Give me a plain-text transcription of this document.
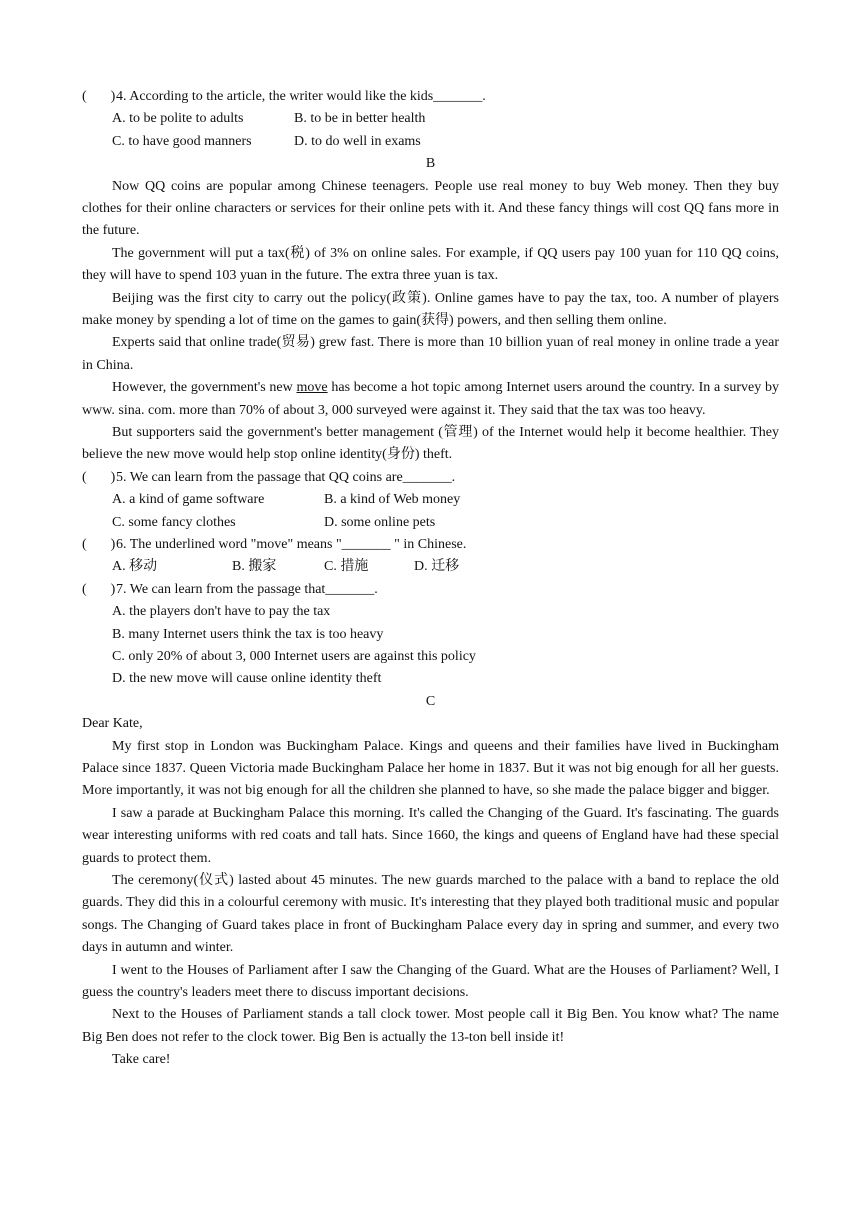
( )4. According to the article, the writer would like the kids_______.
A. to be polite to adults	B. to be in better health
C. to have good manners	D. to do well in exams
B

Now QQ coins are popular among Chinese teenagers. People use real money to buy Web money. Then they buy clothes for their online characters or services for their online pets with it. And these fancy things will cost QQ fans more in the future.

The government will put a tax(税) of 3% on online sales. For example, if QQ users pay 100 yuan for 110 QQ coins, they will have to spend 103 yuan in the future. The extra three yuan is tax.

Beijing was the first city to carry out the policy(政策). Online games have to pay the tax, too. A number of players make money by spending a lot of time on the games to gain(获得) powers, and then selling them online.

Experts said that online trade(贸易) grew fast. There is more than 10 billion yuan of real money in online trade a year in China.

However, the government's new move has become a hot topic among Internet users around the country. In a survey by www. sina. com. more than 70% of about 3, 000 surveyed were against it. They said that the tax was too heavy.

But supporters said the government's better management (管理) of the Internet would help it become healthier. They believe the new move would help stop online identity(身份) theft.

( )5. We can learn from the passage that QQ coins are_______.
A. a kind of game software	B. a kind of Web money
C. some fancy clothes	D. some online pets
( )6. The underlined word "move" means "_______ " in Chinese.
A. 移动	B. 搬家	C. 措施	D. 迁移
( )7. We can learn from the passage that_______.
A. the players don't have to pay the tax
B. many Internet users think the tax is too heavy
C. only 20% of about 3, 000 Internet users are against this policy
D. the new move will cause online identity theft
C
Dear Kate,

My first stop in London was Buckingham Palace. Kings and queens and their families have lived in Buckingham Palace since 1837. Queen Victoria made Buckingham Palace her home in 1837. But it was not big enough for all her guests. More importantly, it was not big enough for all the children she planned to have, so she made the palace bigger and bigger.

I saw a parade at Buckingham Palace this morning. It's called the Changing of the Guard. It's fascinating. The guards wear interesting uniforms with red coats and tall hats. Since 1660, the kings and queens of England have had these special guards to protect them.

The ceremony(仪式) lasted about 45 minutes. The new guards marched to the palace with a band to replace the old guards. They did this in a colourful ceremony with music. It's interesting that they played both traditional music and popular songs. The Changing of Guard takes place in front of Buckingham Palace every day in spring and summer, and every two days in autumn and winter.

I went to the Houses of Parliament after I saw the Changing of the Guard. What are the Houses of Parliament? Well, I guess the country's leaders meet there to discuss important decisions.

Next to the Houses of Parliament stands a tall clock tower. Most people call it Big Ben. You know what? The name Big Ben does not refer to the clock tower. Big Ben is actually the 13-ton bell inside it!

Take care!
